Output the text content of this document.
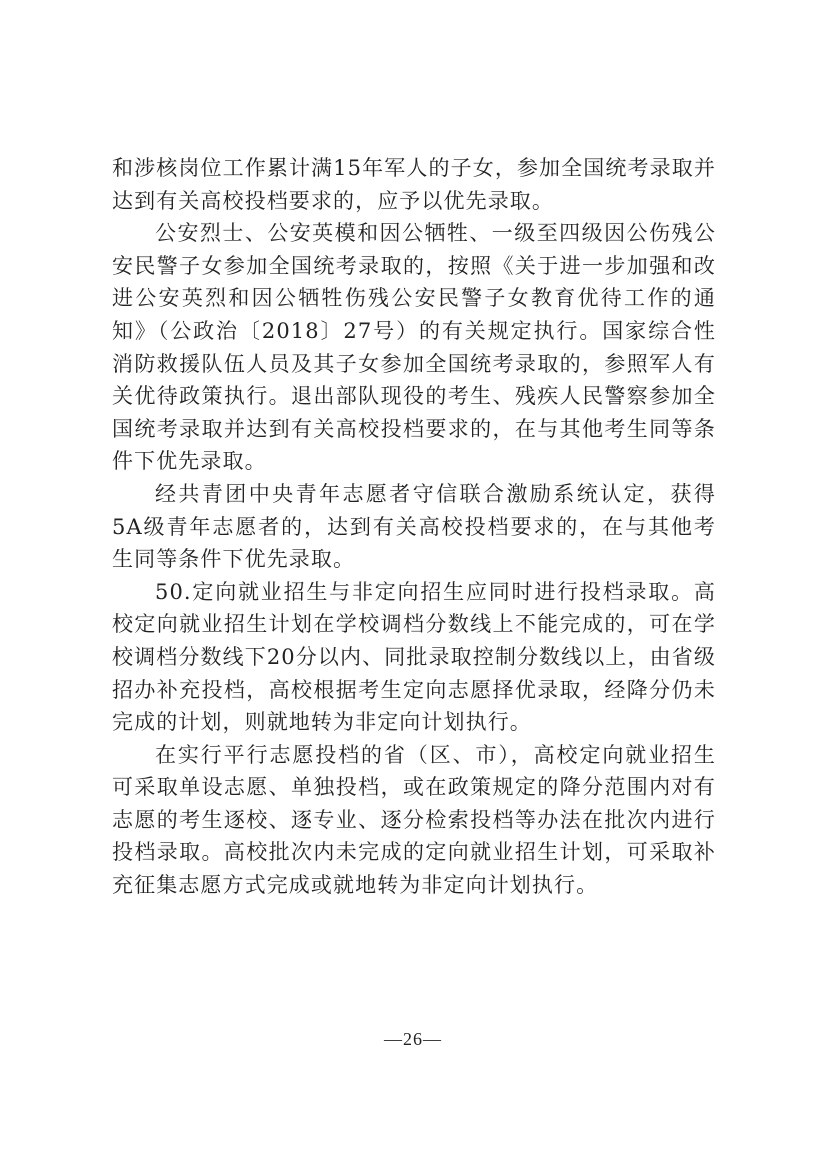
和涉核岗位工作累计满15年军人的子女，参加全国统考录取并达到有关高校投档要求的，应予以优先录取。

公安烈士、公安英模和因公牺牲、一级至四级因公伤残公安民警子女参加全国统考录取的，按照《关于进一步加强和改进公安英烈和因公牺牲伤残公安民警子女教育优待工作的通知》（公政治〔2018〕27号）的有关规定执行。国家综合性消防救援队伍人员及其子女参加全国统考录取的，参照军人有关优待政策执行。退出部队现役的考生、残疾人民警察参加全国统考录取并达到有关高校投档要求的，在与其他考生同等条件下优先录取。

经共青团中央青年志愿者守信联合激励系统认定，获得5A级青年志愿者的，达到有关高校投档要求的，在与其他考生同等条件下优先录取。

50.定向就业招生与非定向招生应同时进行投档录取。高校定向就业招生计划在学校调档分数线上不能完成的，可在学校调档分数线下20分以内、同批录取控制分数线以上，由省级招办补充投档，高校根据考生定向志愿择优录取，经降分仍未完成的计划，则就地转为非定向计划执行。

在实行平行志愿投档的省（区、市），高校定向就业招生可采取单设志愿、单独投档，或在政策规定的降分范围内对有志愿的考生逐校、逐专业、逐分检索投档等办法在批次内进行投档录取。高校批次内未完成的定向就业招生计划，可采取补充征集志愿方式完成或就地转为非定向计划执行。

—26—
